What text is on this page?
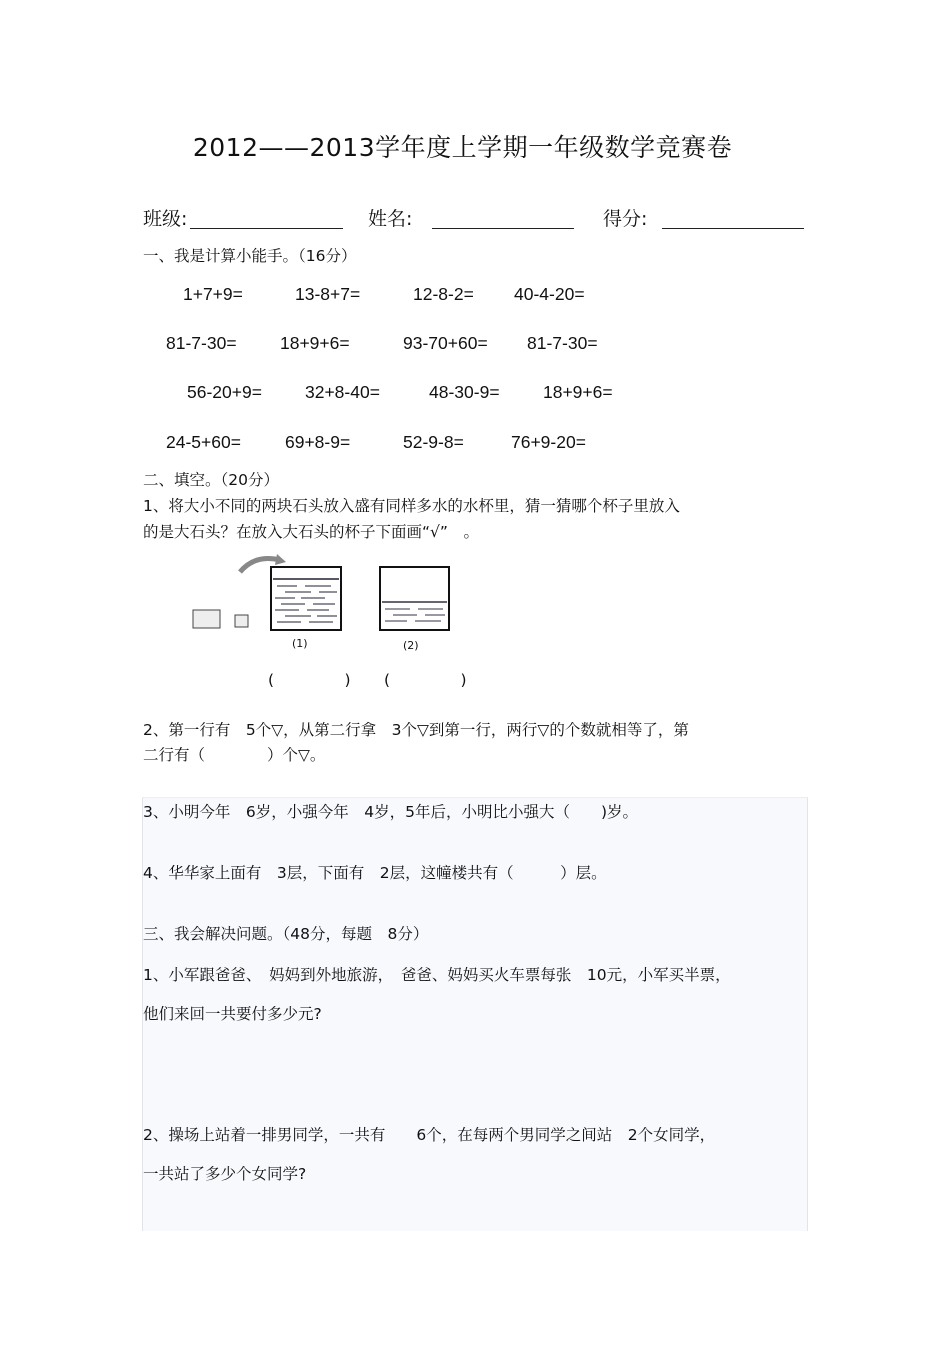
2012——2013学年度上学期一年级数学竞赛卷
班级:	姓名:	得分:
一、我是计算小能手。（16分）
1+7+9=	13-8+7=	12-8-2= 40-4-20=
81-7-30= 18+9+6=	93-70+60= 81-7-30=
56-20+9= 32+8-40=	48-30-9= 18+9+6=
24-5+60=	69+8-9=	52-9-8=	76+9-20=
二、填空。（20分）
1、将大小不同的两块石头放入盛有同样多水的水杯里，猜一猜哪个杯子里放入
的是大石头？在放入大石头的杯子下面画“√”　。
(1)	(2)
(　　　) (　　　)
2、第一行有　5个▽，从第二行拿　3个▽到第一行，两行▽的个数就相等了，第
二行有（　　　　）个▽。
3、小明今年　6岁，小强今年　4岁，5年后，小明比小强大（　　)岁。
4、华华家上面有　3层，下面有　2层，这幢楼共有（　　　）层。
三、我会解决问题。（48分，每题　8分）
1、小军跟爸爸、　妈妈到外地旅游，　爸爸、妈妈买火车票每张　10元，小军买半票，
他们来回一共要付多少元?
2、操场上站着一排男同学，一共有　　6个，在每两个男同学之间站　2个女同学，
一共站了多少个女同学?
